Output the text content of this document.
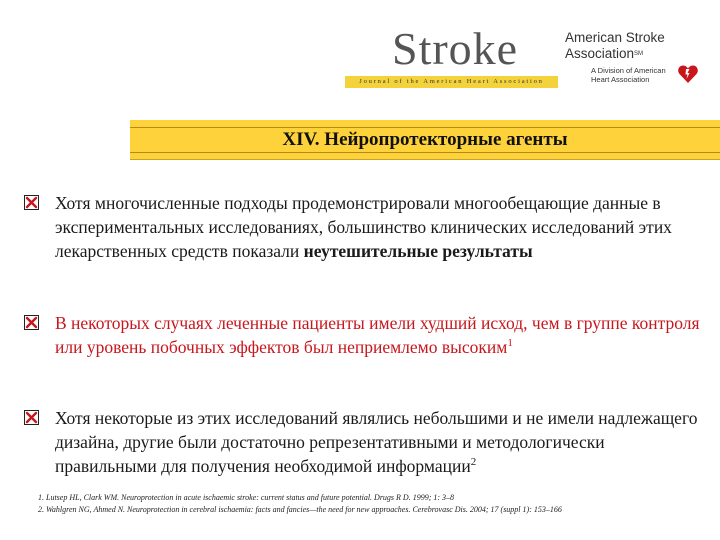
Stroke
Journal of the American Heart Association
American Stroke
AssociationSM
A Division of American
Heart Association
XIV. Нейропротекторные агенты
Хотя многочисленные подходы продемонстрировали многообещающие данные в экспериментальных исследованиях, большинство клинических исследований этих лекарственных средств показали неутешительные результаты
В некоторых случаях леченные пациенты имели худший исход, чем в группе контроля или уровень побочных эффектов был неприемлемо высоким$^1$
Хотя некоторые из этих исследований являлись небольшими и не имели надлежащего дизайна, другие были достаточно репрезентативными и методологически правильными для получения необходимой информации$^2$
1. Lutsep HL, Clark WM. Neuroprotection in acute ischaemic stroke: current status and future potential. Drugs R D. 1999; 1: 3–8
2. Wahlgren NG, Ahmed N. Neuroprotection in cerebral ischaemia: facts and fancies—the need for new approaches. Cerebrovasc Dis. 2004; 17 (suppl 1): 153–166
